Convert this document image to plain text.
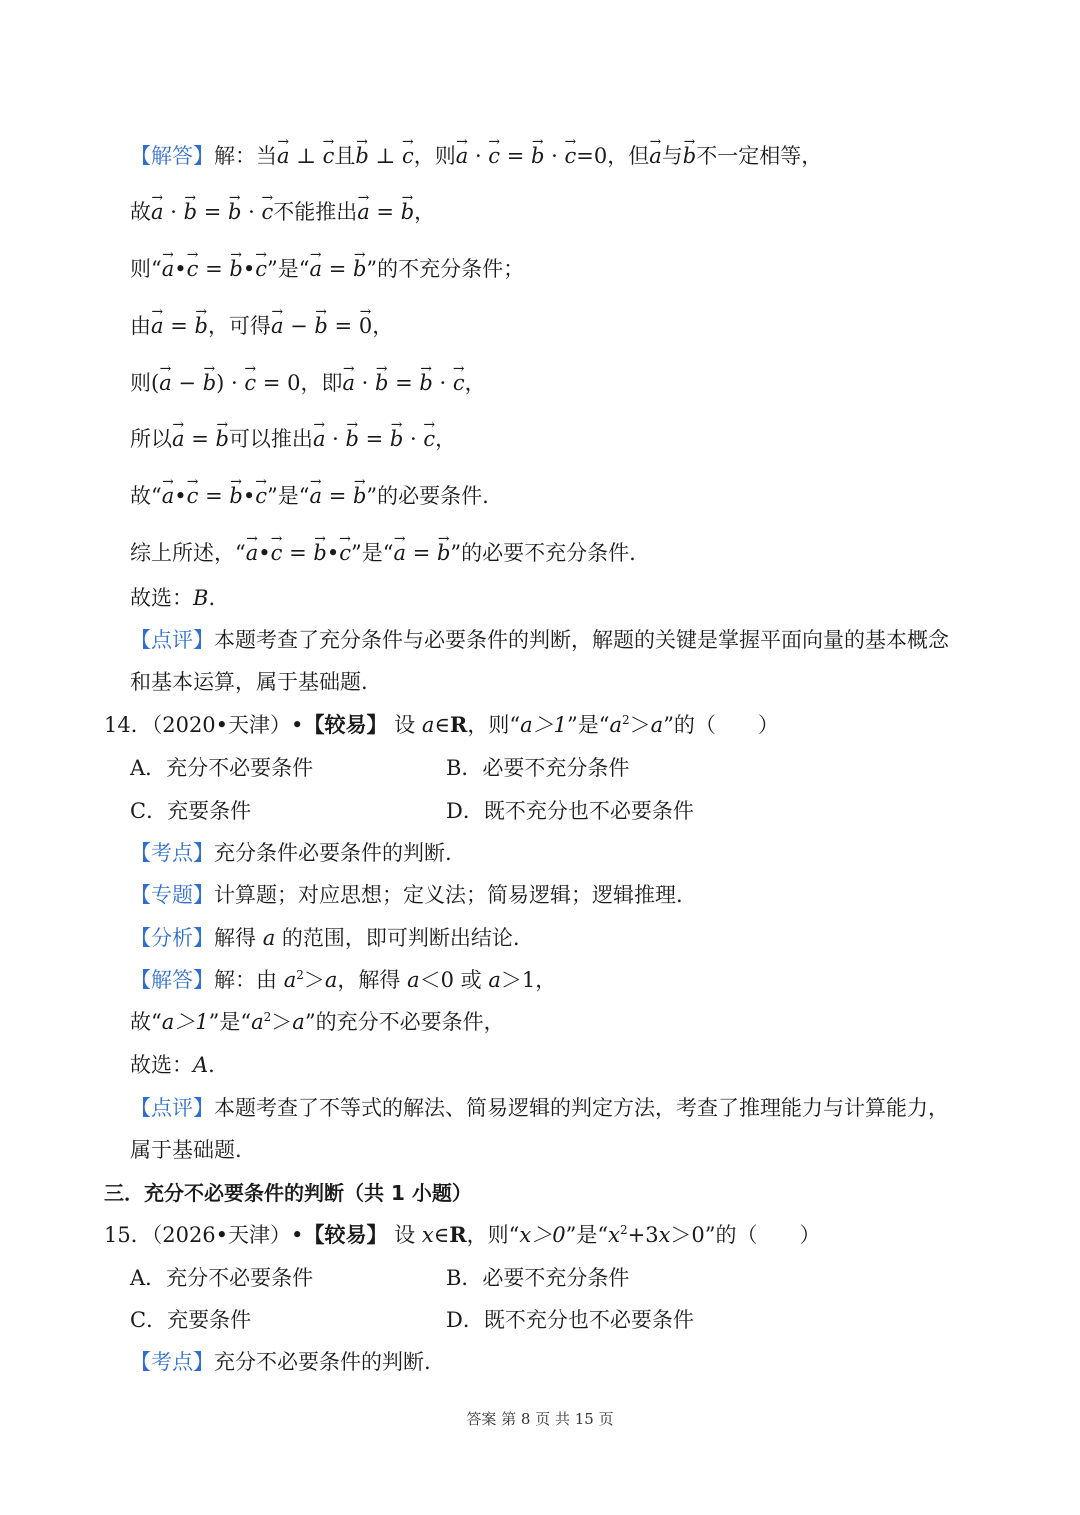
【解答】解：当→ a ⊥ → c且→ b ⊥ → c，则→ a · → c = → b · → c=0，但→ a与→ b不一定相等，
故→ a · → b = → b · → c不能推出→ a = → b，
则“→ a•→ c = → b•→ c”是“→ a = → b”的不充分条件；
由→ a = → b，可得→ a − → b = → 0，
则(→ a − → b) · → c = 0，即→ a · → b = → b · → c，
所以→ a = → b可以推出→ a · → b = → b · → c，
故“→ a•→ c = → b•→ c”是“→ a = → b”的必要条件.
综上所述，“→ a•→ c = → b•→ c”是“→ a = → b”的必要不充分条件.
故选：B.
【点评】本题考查了充分条件与必要条件的判断，解题的关键是掌握平面向量的基本概念
和基本运算，属于基础题.
14．（2020•天津）•【较易】 设 a∈R，则“a＞1”是“$a^2>a$”的（　　）
A．充分不必要条件	B．必要不充分条件
C．充要条件	D．既不充分也不必要条件
【考点】充分条件必要条件的判断.
【专题】计算题；对应思想；定义法；简易逻辑；逻辑推理.
【分析】解得 a 的范围，即可判断出结论.
【解答】解：由 $a^2>a$，解得 a＜0 或 a＞1，
故“a＞1”是“$a^2>a$”的充分不必要条件，
故选：A.
【点评】本题考查了不等式的解法、简易逻辑的判定方法，考查了推理能力与计算能力，
属于基础题.
三．充分不必要条件的判断（共 1 小题）
15．（2026•天津）•【较易】 设 x∈R，则“x＞0”是“$x^2+3x>0$”的（　　）
A．充分不必要条件	B．必要不充分条件
C．充要条件	D．既不充分也不必要条件
【考点】充分不必要条件的判断.
答案 第 8 页 共 15 页
